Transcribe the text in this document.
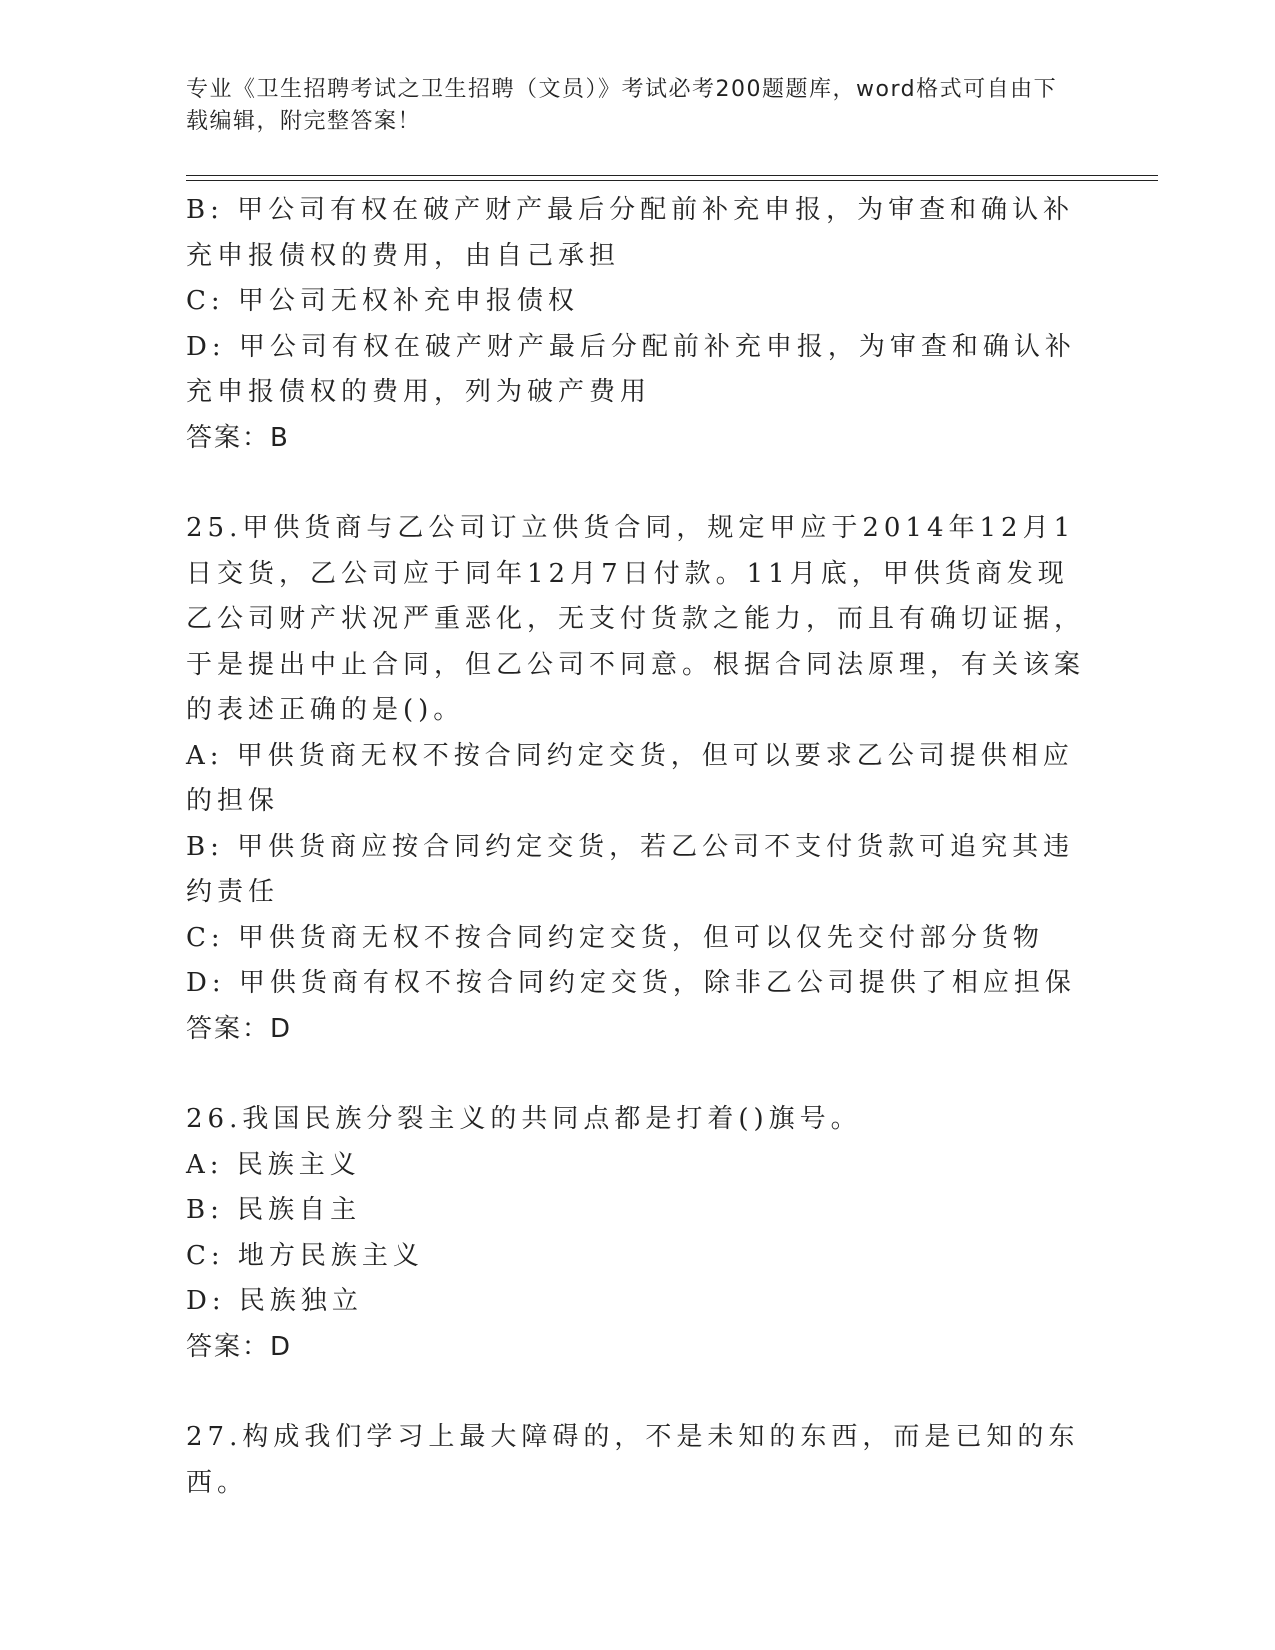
专业《卫生招聘考试之卫生招聘（文员）》考试必考200题题库，word格式可自由下载编辑，附完整答案！

B: 甲公司有权在破产财产最后分配前补充申报，为审查和确认补充申报债权的费用，由自己承担

C: 甲公司无权补充申报债权

D: 甲公司有权在破产财产最后分配前补充申报，为审查和确认补充申报债权的费用，列为破产费用

答案：B

25.甲供货商与乙公司订立供货合同，规定甲应于2014年12月1日交货，乙公司应于同年12月7日付款。11月底，甲供货商发现乙公司财产状况严重恶化，无支付货款之能力，而且有确切证据，于是提出中止合同，但乙公司不同意。根据合同法原理，有关该案的表述正确的是()。

A: 甲供货商无权不按合同约定交货，但可以要求乙公司提供相应的担保

B: 甲供货商应按合同约定交货，若乙公司不支付货款可追究其违约责任

C: 甲供货商无权不按合同约定交货，但可以仅先交付部分货物

D: 甲供货商有权不按合同约定交货，除非乙公司提供了相应担保

答案：D

26.我国民族分裂主义的共同点都是打着()旗号。

A: 民族主义

B: 民族自主

C: 地方民族主义

D: 民族独立

答案：D

27.构成我们学习上最大障碍的，不是未知的东西，而是已知的东西。
